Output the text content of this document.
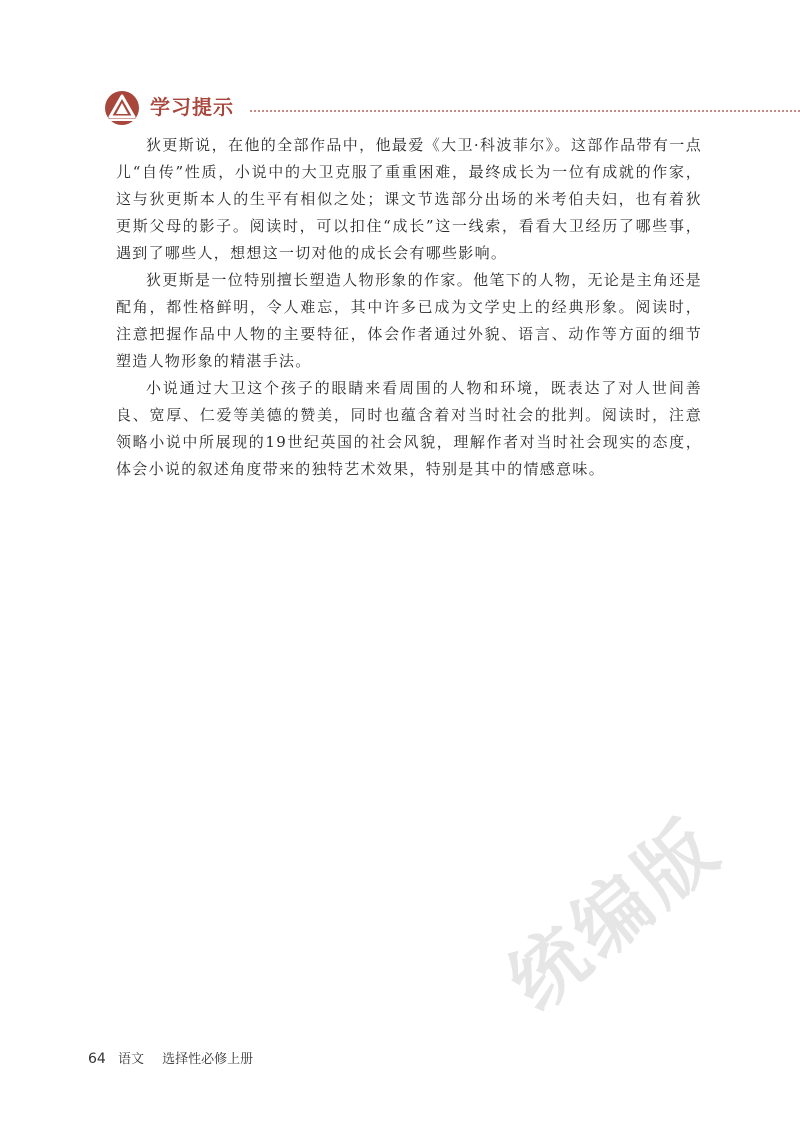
学习提示

狄更斯说，在他的全部作品中，他最爱《大卫·科波菲尔》。这部作品带有一点儿“自传”性质，小说中的大卫克服了重重困难，最终成长为一位有成就的作家，这与狄更斯本人的生平有相似之处；课文节选部分出场的米考伯夫妇，也有着狄更斯父母的影子。阅读时，可以扣住“成长”这一线索，看看大卫经历了哪些事，遇到了哪些人，想想这一切对他的成长会有哪些影响。

狄更斯是一位特别擅长塑造人物形象的作家。他笔下的人物，无论是主角还是配角，都性格鲜明，令人难忘，其中许多已成为文学史上的经典形象。阅读时，注意把握作品中人物的主要特征，体会作者通过外貌、语言、动作等方面的细节塑造人物形象的精湛手法。

小说通过大卫这个孩子的眼睛来看周围的人物和环境，既表达了对人世间善良、宽厚、仁爱等美德的赞美，同时也蕴含着对当时社会的批判。阅读时，注意领略小说中所展现的19世纪英国的社会风貌，理解作者对当时社会现实的态度，体会小说的叙述角度带来的独特艺术效果，特别是其中的情感意味。

统编版
64 语文 选择性必修上册
